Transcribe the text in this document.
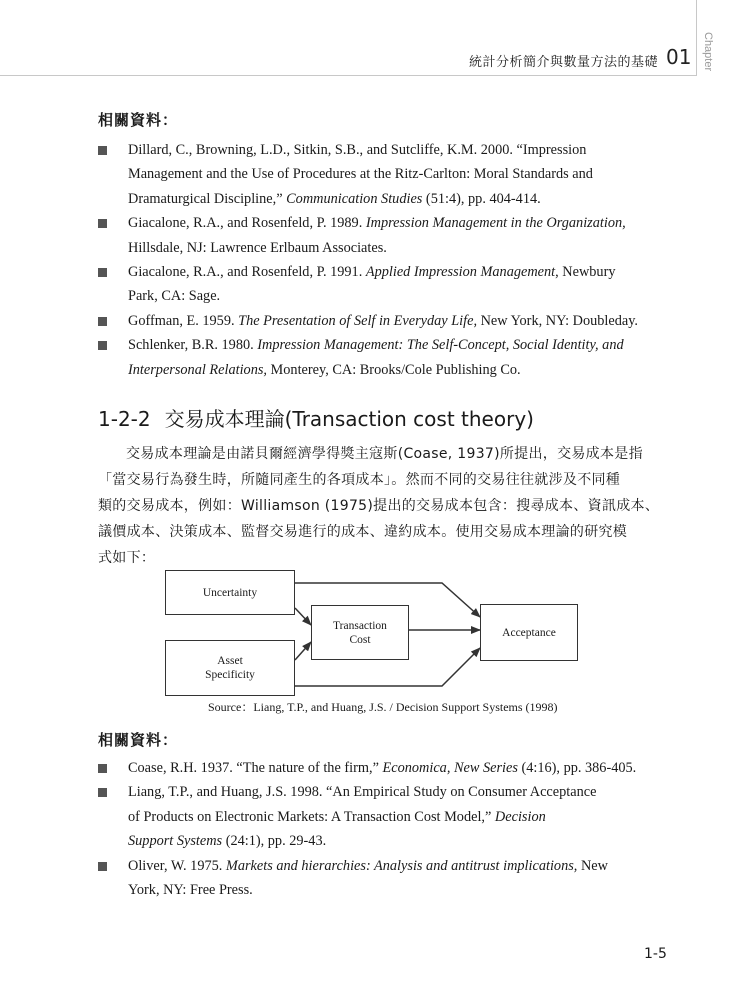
統計分析簡介與數量方法的基礎 01 Chapter
相關資料：
Dillard, C., Browning, L.D., Sitkin, S.B., and Sutcliffe, K.M. 2000. “Impression
Management and the Use of Procedures at the Ritz-Carlton: Moral Standards and
Dramaturgical Discipline,” Communication Studies (51:4), pp. 404-414.
Giacalone, R.A., and Rosenfeld, P. 1989. Impression Management in the Organization,
Hillsdale, NJ: Lawrence Erlbaum Associates.
Giacalone, R.A., and Rosenfeld, P. 1991. Applied Impression Management, Newbury
Park, CA: Sage.
Goffman, E. 1959. The Presentation of Self in Everyday Life, New York, NY: Doubleday.
Schlenker, B.R. 1980. Impression Management: The Self-Concept, Social Identity, and
Interpersonal Relations, Monterey, CA: Brooks/Cole Publishing Co.
1-2-2 交易成本理論(Transaction cost theory)

交易成本理論是由諾貝爾經濟學得獎主寇斯(Coase, 1937)所提出，交易成本是指
「當交易行為發生時，所隨同產生的各項成本」。然而不同的交易往往就涉及不同種
類的交易成本，例如：Williamson (1975)提出的交易成本包含：搜尋成本、資訊成本、
議價成本、決策成本、監督交易進行的成本、違約成本。使用交易成本理論的研究模
式如下：

Uncertainty
Asset
Specificity
Transaction
Cost
Acceptance
Source：Liang, T.P., and Huang, J.S. / Decision Support Systems (1998)
相關資料：
Coase, R.H. 1937. “The nature of the firm,” Economica, New Series (4:16), pp. 386-405.
Liang, T.P., and Huang, J.S. 1998. “An Empirical Study on Consumer Acceptance
of Products on Electronic Markets: A Transaction Cost Model,” Decision
Support Systems (24:1), pp. 29-43.
Oliver, W. 1975. Markets and hierarchies: Analysis and antitrust implications, New
York, NY: Free Press.
1-5
